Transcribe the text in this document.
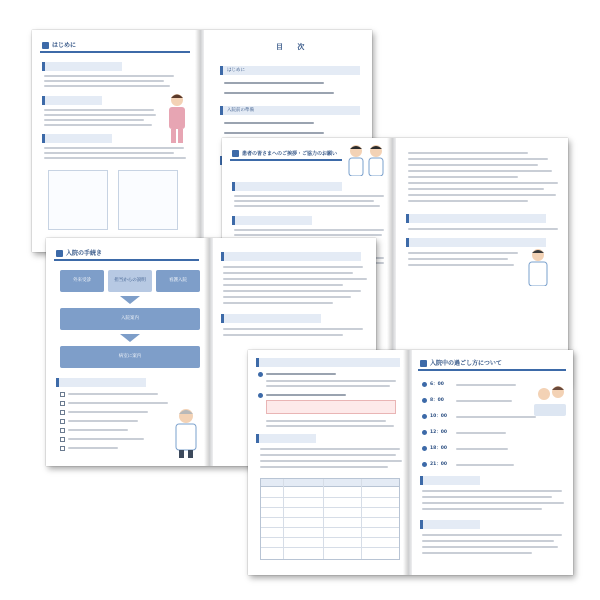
はじめに	目 次
はじめに
入院前の準備
患者の皆さまへのご挨拶・ご協力のお願い
入院の手続き
外来受診	担当からの説明	看護入院
入院案内
病室に案内
入院中の過ごし方について
6：00
8：00
10：00
12：00
18：00
21：00
